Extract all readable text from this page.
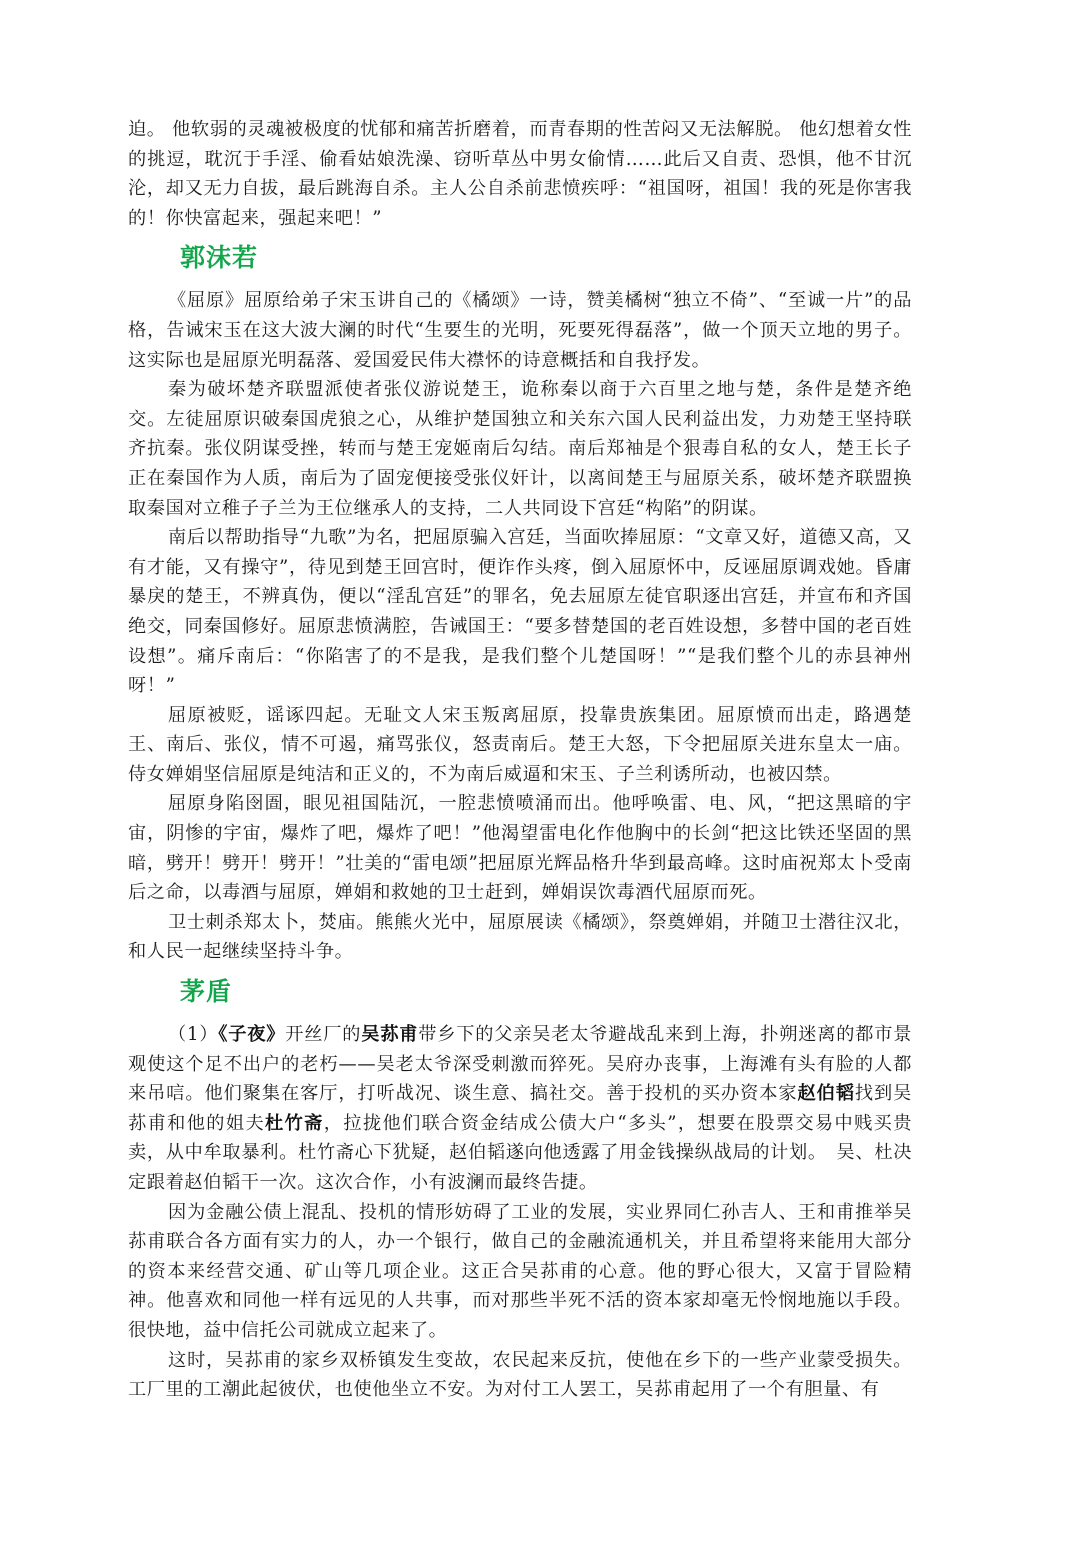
迫。 他软弱的灵魂被极度的忧郁和痛苦折磨着，而青春期的性苦闷又无法解脱。 他幻想着女性的挑逗，耽沉于手淫、偷看姑娘洗澡、窃听草丛中男女偷情……此后又自责、恐惧，他不甘沉沦，却又无力自拔，最后跳海自杀。主人公自杀前悲愤疾呼：“祖国呀，祖国！我的死是你害我的！你快富起来，强起来吧！”

郭沫若

《屈原》屈原给弟子宋玉讲自己的《橘颂》一诗，赞美橘树“独立不倚”、“至诚一片”的品格，告诫宋玉在这大波大澜的时代“生要生的光明，死要死得磊落”，做一个顶天立地的男子。这实际也是屈原光明磊落、爱国爱民伟大襟怀的诗意概括和自我抒发。

秦为破坏楚齐联盟派使者张仪游说楚王，诡称秦以商于六百里之地与楚，条件是楚齐绝交。左徒屈原识破秦国虎狼之心，从维护楚国独立和关东六国人民利益出发，力劝楚王坚持联齐抗秦。张仪阴谋受挫，转而与楚王宠姬南后勾结。南后郑袖是个狠毒自私的女人，楚王长子正在秦国作为人质，南后为了固宠便接受张仪奸计，以离间楚王与屈原关系，破坏楚齐联盟换取秦国对立稚子子兰为王位继承人的支持，二人共同设下宫廷“构陷”的阴谋。

南后以帮助指导“九歌”为名，把屈原骗入宫廷，当面吹捧屈原：“文章又好，道德又高，又有才能，又有操守”，待见到楚王回宫时，便诈作头疼，倒入屈原怀中，反诬屈原调戏她。昏庸暴戾的楚王，不辨真伪，便以“淫乱宫廷”的罪名，免去屈原左徒官职逐出宫廷，并宣布和齐国绝交，同秦国修好。屈原悲愤满腔，告诫国王：“要多替楚国的老百姓设想，多替中国的老百姓设想”。痛斥南后：“你陷害了的不是我，是我们整个儿楚国呀！”“是我们整个儿的赤县神州呀！”

屈原被贬，谣诼四起。无耻文人宋玉叛离屈原，投靠贵族集团。屈原愤而出走，路遇楚王、南后、张仪，情不可遏，痛骂张仪，怒责南后。楚王大怒，下令把屈原关进东皇太一庙。侍女婵娟坚信屈原是纯洁和正义的，不为南后威逼和宋玉、子兰利诱所动，也被囚禁。

屈原身陷囹圄，眼见祖国陆沉，一腔悲愤喷涌而出。他呼唤雷、电、风，“把这黑暗的宇宙，阴惨的宇宙，爆炸了吧，爆炸了吧！”他渴望雷电化作他胸中的长剑“把这比铁还坚固的黑暗，劈开！劈开！劈开！”壮美的“雷电颂”把屈原光辉品格升华到最高峰。这时庙祝郑太卜受南后之命，以毒酒与屈原，婵娟和救她的卫士赶到，婵娟误饮毒酒代屈原而死。

卫士刺杀郑太卜，焚庙。熊熊火光中，屈原展读《橘颂》，祭奠婵娟，并随卫士潜往汉北，和人民一起继续坚持斗争。

茅盾

（1）《子夜》开丝厂的吴荪甫带乡下的父亲吴老太爷避战乱来到上海，扑朔迷离的都市景观使这个足不出户的老朽——吴老太爷深受刺激而猝死。吴府办丧事，上海滩有头有脸的人都来吊唁。他们聚集在客厅，打听战况、谈生意、搞社交。善于投机的买办资本家赵伯韬找到吴荪甫和他的姐夫杜竹斋，拉拢他们联合资金结成公债大户“多头”，想要在股票交易中贱买贵卖，从中牟取暴利。杜竹斋心下犹疑，赵伯韬遂向他透露了用金钱操纵战局的计划。　吴、杜决定跟着赵伯韬干一次。这次合作，小有波澜而最终告捷。

因为金融公债上混乱、投机的情形妨碍了工业的发展，实业界同仁孙吉人、王和甫推举吴荪甫联合各方面有实力的人，办一个银行，做自己的金融流通机关，并且希望将来能用大部分的资本来经营交通、矿山等几项企业。这正合吴荪甫的心意。他的野心很大，又富于冒险精神。他喜欢和同他一样有远见的人共事，而对那些半死不活的资本家却毫无怜悯地施以手段。很快地，益中信托公司就成立起来了。

这时，吴荪甫的家乡双桥镇发生变故，农民起来反抗，使他在乡下的一些产业蒙受损失。工厂里的工潮此起彼伏，也使他坐立不安。为对付工人罢工，吴荪甫起用了一个有胆量、有
